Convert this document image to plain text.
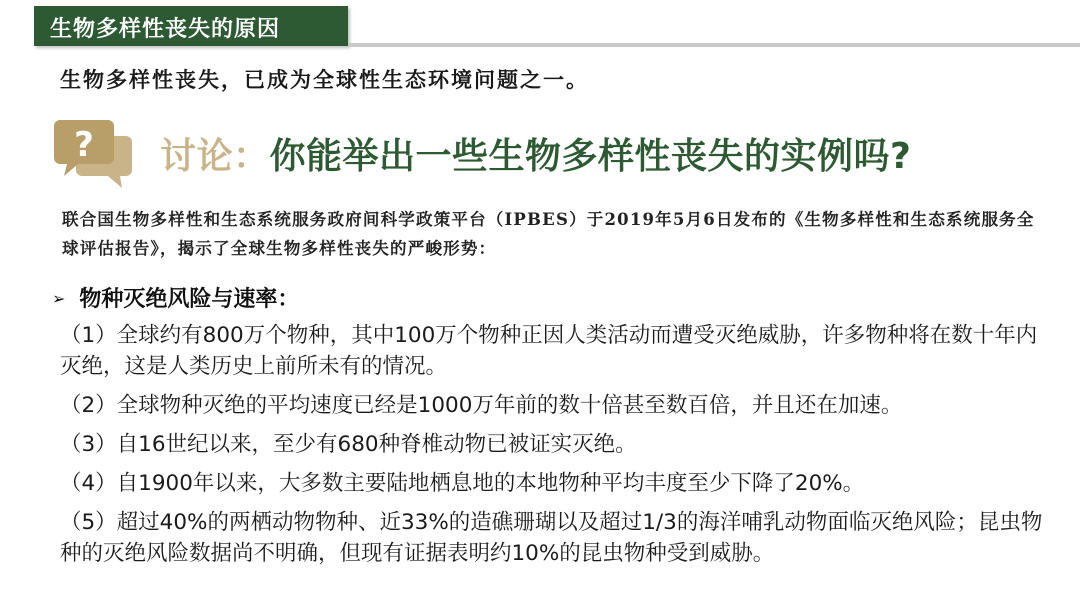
生物多样性丧失的原因
生物多样性丧失，已成为全球性生态环境问题之一。
? 讨论：你能举出一些生物多样性丧失的实例吗?
联合国生物多样性和生态系统服务政府间科学政策平台（IPBES）于2019年5月6日发布的《生物多样性和生态系统服务全球评估报告》，揭示了全球生物多样性丧失的严峻形势：
➢ 物种灭绝风险与速率：
（1）全球约有800万个物种，其中100万个物种正因人类活动而遭受灭绝威胁，许多物种将在数十年内灭绝，这是人类历史上前所未有的情况。
（2）全球物种灭绝的平均速度已经是1000万年前的数十倍甚至数百倍，并且还在加速。
（3）自16世纪以来，至少有680种脊椎动物已被证实灭绝。
（4）自1900年以来，大多数主要陆地栖息地的本地物种平均丰度至少下降了20%。
（5）超过40%的两栖动物物种、近33%的造礁珊瑚以及超过1/3的海洋哺乳动物面临灭绝风险；昆虫物种的灭绝风险数据尚不明确，但现有证据表明约10%的昆虫物种受到威胁。
